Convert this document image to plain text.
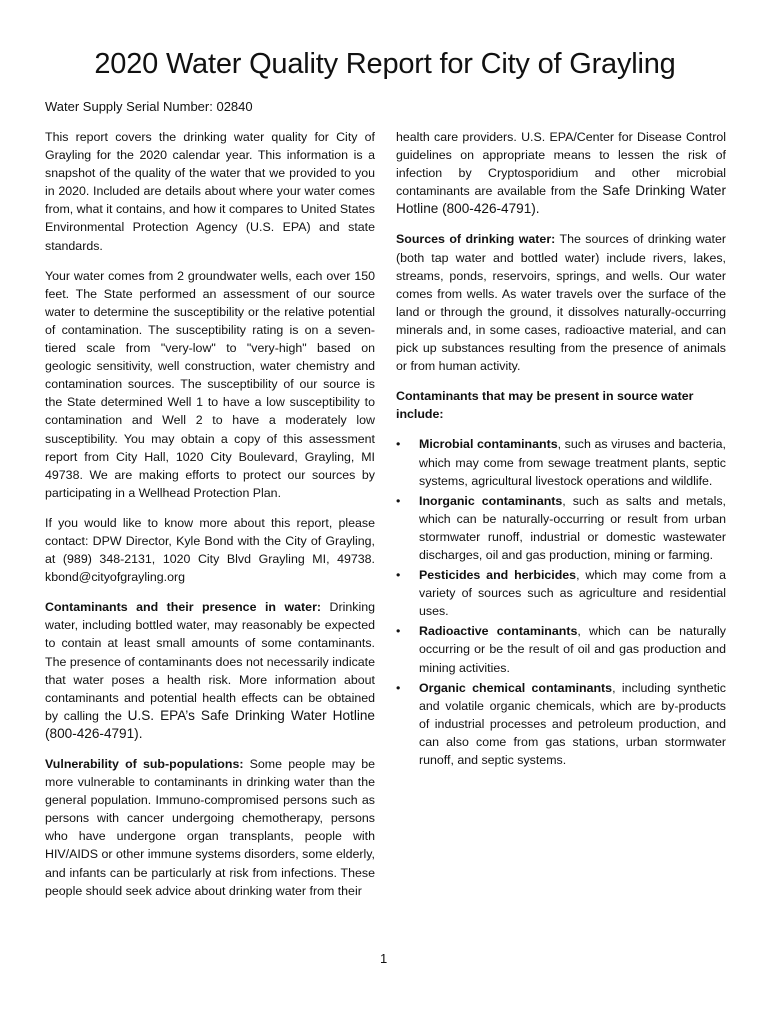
2020 Water Quality Report for City of Grayling
Water Supply Serial Number: 02840

This report covers the drinking water quality for City of Grayling for the 2020 calendar year. This information is a snapshot of the quality of the water that we provided to you in 2020. Included are details about where your water comes from, what it contains, and how it compares to United States Environmental Protection Agency (U.S. EPA) and state standards.

Your water comes from 2 groundwater wells, each over 150 feet. The State performed an assessment of our source water to determine the susceptibility or the relative potential of contamination. The susceptibility rating is on a seven-tiered scale from "very-low" to "very-high" based on geologic sensitivity, well construction, water chemistry and contamination sources. The susceptibility of our source is the State determined Well 1 to have a low susceptibility to contamination and Well 2 to have a moderately low susceptibility. You may obtain a copy of this assessment report from City Hall, 1020 City Boulevard, Grayling, MI 49738. We are making efforts to protect our sources by participating in a Wellhead Protection Plan.

If you would like to know more about this report, please contact: DPW Director, Kyle Bond with the City of Grayling, at (989) 348-2131, 1020 City Blvd Grayling MI, 49738. kbond@cityofgrayling.org

Contaminants and their presence in water: Drinking water, including bottled water, may reasonably be expected to contain at least small amounts of some contaminants. The presence of contaminants does not necessarily indicate that water poses a health risk. More information about contaminants and potential health effects can be obtained by calling the U.S. EPA’s Safe Drinking Water Hotline (800-426-4791).

Vulnerability of sub-populations: Some people may be more vulnerable to contaminants in drinking water than the general population. Immuno-compromised persons such as persons with cancer undergoing chemotherapy, persons who have undergone organ transplants, people with HIV/AIDS or other immune systems disorders, some elderly, and infants can be particularly at risk from infections. These people should seek advice about drinking water from their

health care providers. U.S. EPA/Center for Disease Control guidelines on appropriate means to lessen the risk of infection by Cryptosporidium and other microbial contaminants are available from the Safe Drinking Water Hotline (800-426-4791).

Sources of drinking water: The sources of drinking water (both tap water and bottled water) include rivers, lakes, streams, ponds, reservoirs, springs, and wells. Our water comes from wells. As water travels over the surface of the land or through the ground, it dissolves naturally-occurring minerals and, in some cases, radioactive material, and can pick up substances resulting from the presence of animals or from human activity.

Contaminants that may be present in source water include:

• Microbial contaminants, such as viruses and bacteria, which may come from sewage treatment plants, septic systems, agricultural livestock operations and wildlife.
• Inorganic contaminants, such as salts and metals, which can be naturally-occurring or result from urban stormwater runoff, industrial or domestic wastewater discharges, oil and gas production, mining or farming.
• Pesticides and herbicides, which may come from a variety of sources such as agriculture and residential uses.
• Radioactive contaminants, which can be naturally occurring or be the result of oil and gas production and mining activities.
• Organic chemical contaminants, including synthetic and volatile organic chemicals, which are by-products of industrial processes and petroleum production, and can also come from gas stations, urban stormwater runoff, and septic systems.
1
